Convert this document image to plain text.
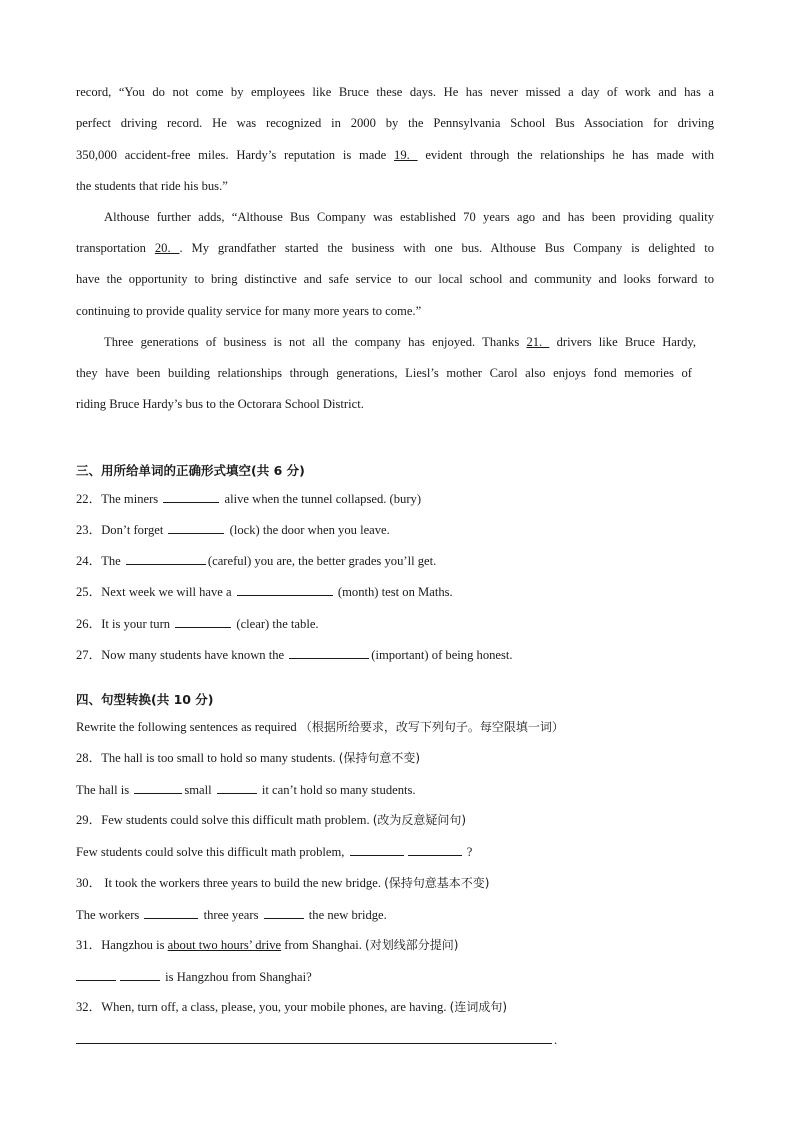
record, “You do not come by employees like Bruce these days. He has never missed a day of work and has a
perfect driving record. He was recognized in 2000 by the Pennsylvania School Bus Association for driving
350,000 accident-free miles. Hardy’s reputation is made 19.  evident through the relationships he has made with
the students that ride his bus.”
Althouse further adds, “Althouse Bus Company was established 70 years ago and has been providing quality
transportation 20. . My grandfather started the business with one bus. Althouse Bus Company is delighted to
have the opportunity to bring distinctive and safe service to our local school and community and looks forward to
continuing to provide quality service for many more years to come.”
Three generations of business is not all the company has enjoyed. Thanks 21.  drivers like Bruce Hardy,
they have been building relationships through generations, Liesl’s mother Carol also enjoys fond memories of
riding Bruce Hardy’s bus to the Octorara School District.
三、用所给单词的正确形式填空(共 6 分)
22．The miners	alive when the tunnel collapsed. (bury)
23．Don’t forget	(lock) the door when you leave.
24．The	(careful) you are, the better grades you’ll get.
25．Next week we will have a	(month) test on Maths.
26．It is your turn	(clear) the table.
27．Now many students have known the	(important) of being honest.
四、句型转换(共 10 分)
Rewrite the following sentences as required （根据所给要求，改写下列句子。每空限填一词）
28．The hall is too small to hold so many students. (保持句意不变)
The hall is	small	it can’t hold so many students.
29．Few students could solve this difficult math problem. (改为反意疑问句)
Few students could solve this difficult math problem,	?
30． It took the workers three years to build the new bridge. (保持句意基本不变)
The workers	three years	the new bridge.
31．Hangzhou is about two hours’ drive from Shanghai. (对划线部分提问)
is Hangzhou from Shanghai?
32．When, turn off, a class, please, you, your mobile phones, are having. (连词成句)
.
